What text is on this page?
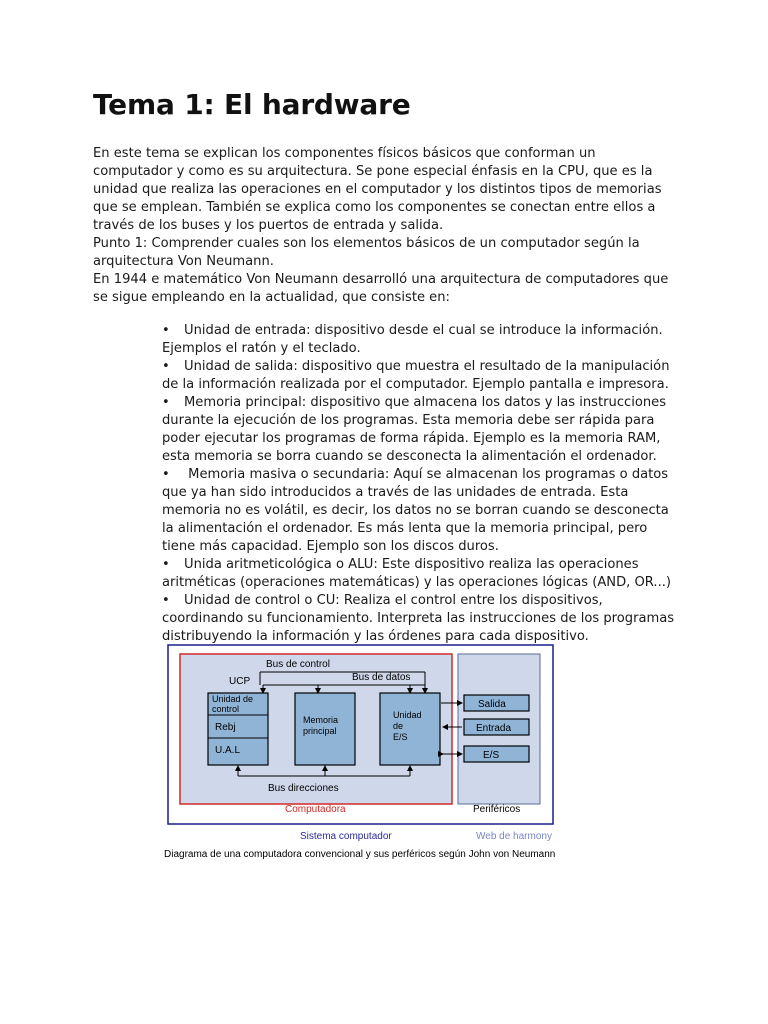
Tema 1: El hardware

En este tema se explican los componentes físicos básicos que conforman un computador y como es su arquitectura. Se pone especial énfasis en la CPU, que es la unidad que realiza las operaciones en el computador y los distintos tipos de memorias que se emplean. También se explica como los componentes se conectan entre ellos a través de los buses y los puertos de entrada y salida.

Punto 1: Comprender cuales son los elementos básicos de un computador según la arquitectura Von Neumann.

En 1944 e matemático Von Neumann desarrolló una arquitectura de computadores que se sigue empleando en la actualidad, que consiste en:

• Unidad de entrada: dispositivo desde el cual se introduce la información. Ejemplos el ratón y el teclado.
• Unidad de salida: dispositivo que muestra el resultado de la manipulación de la información realizada por el computador. Ejemplo pantalla e impresora.
• Memoria principal: dispositivo que almacena los datos y las instrucciones durante la ejecución de los programas. Esta memoria debe ser rápida para poder ejecutar los programas de forma rápida. Ejemplo es la memoria RAM, esta memoria se borra cuando se desconecta la alimentación el ordenador.
• Memoria masiva o secundaria: Aquí se almacenan los programas o datos que ya han sido introducidos a través de las unidades de entrada. Esta memoria no es volátil, es decir, los datos no se borran cuando se desconecta la alimentación el ordenador. Es más lenta que la memoria principal, pero tiene más capacidad. Ejemplo son los discos duros.
• Unida aritmeticológica o ALU: Este dispositivo realiza las operaciones aritméticas (operaciones matemáticas) y las operaciones lógicas (AND, OR...)
• Unidad de control o CU: Realiza el control entre los dispositivos, coordinando su funcionamiento. Interpreta las instrucciones de los programas distribuyendo la información y las órdenes para cada dispositivo.
Bus de control
UCP	Bus de datos
Unidad de
control
Rebj
U.A.L
Memoria
principal
Unidad
de
E/S
Bus direcciones
Salida
Entrada
E/S
Computadora	Periféricos
Sistema computador	Web de harmony
Diagrama de una computadora convencional y sus perféricos según John von Neumann
